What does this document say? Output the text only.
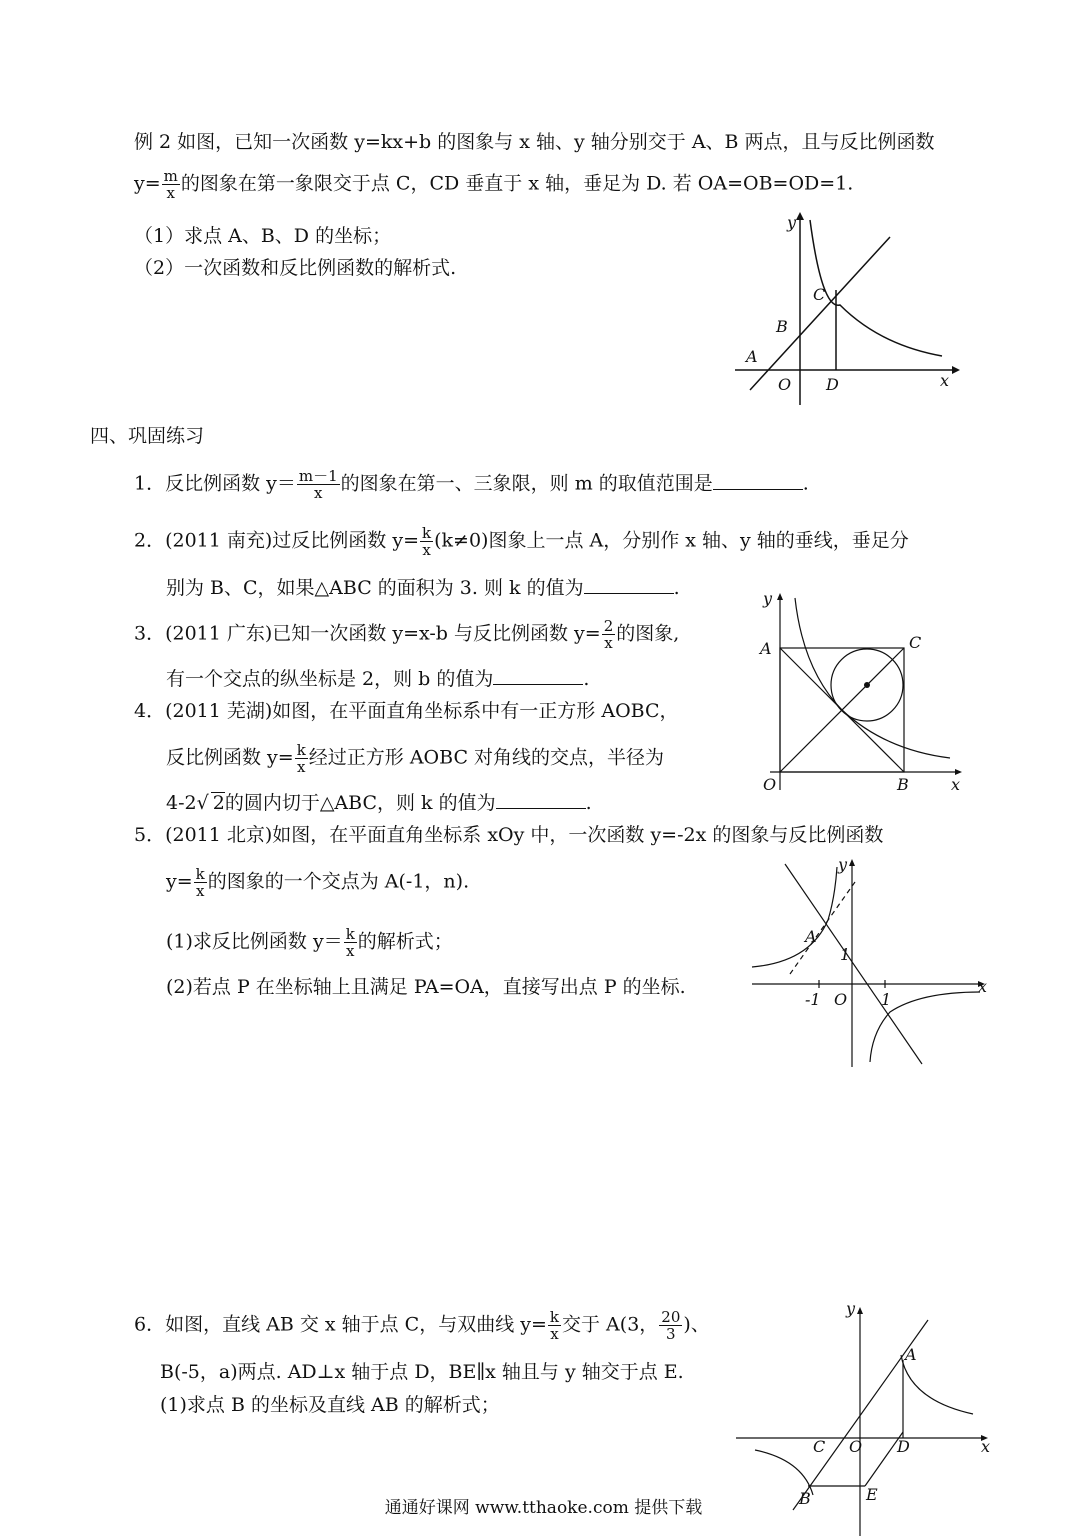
例 2 如图，已知一次函数 y=kx+b 的图象与 x 轴、y 轴分别交于 A、B 两点，且与反比例函数
$y= \frac{m}{x}$ 的图象在第一象限交于点 C，CD 垂直于 x 轴，垂足为 D. 若 OA=OB=OD=1.
（1）求点 A、B、D 的坐标；
（2）一次函数和反比例函数的解析式.
y
x
A
B
C
O D
四、巩固练习
1．反比例函数 $y= \frac{m-1}{x}$ 的图象在第一、三象限，则 m 的取值范围是	.
2．(2011 南充)过反比例函数 $y= \frac{k}{x} (k\ne 0)$图象上一点 A，分别作 x 轴、y 轴的垂线，垂足分
别为 B、C，如果△ABC 的面积为 3. 则 k 的值为	.
3．(2011 广东)已知一次函数 y=x-b 与反比例函数 $y= \frac{2}{x}$ 的图象,
有一个交点的纵坐标是 2，则 b 的值为	.
4．(2011 芜湖)如图，在平面直角坐标系中有一正方形 AOBC，
反比例函数 $y= \frac{k}{x}$ 经过正方形 AOBC 对角线的交点，半径为
4-2√ 2的圆内切于△ABC，则 k 的值为	.
5．(2011 北京)如图，在平面直角坐标系 xOy 中，一次函数 y=-2x 的图象与反比例函数
$y= \frac{k}{x}$ 的图象的一个交点为 A(-1，n).
(1)求反比例函数 $y= \frac{k}{x}$ 的解析式；
(2)若点 P 在坐标轴上且满足 PA=OA，直接写出点 P 的坐标.
6．如图，直线 AB 交 x 轴于点 C，与双曲线 $y= \frac{k}{x}$ 交于 A(3， $\frac{20}{3}$ )、
B(-5，a)两点. AD⊥x 轴于点 D，BE∥x 轴且与 y 轴交于点 E.
(1)求点 B 的坐标及直线 AB 的解析式；
y
x
A	C
O	B
y
x
A
1
-1 O 1
y
x
A
C O D
B	E
通通好课网 www.tthaoke.com 提供下载
